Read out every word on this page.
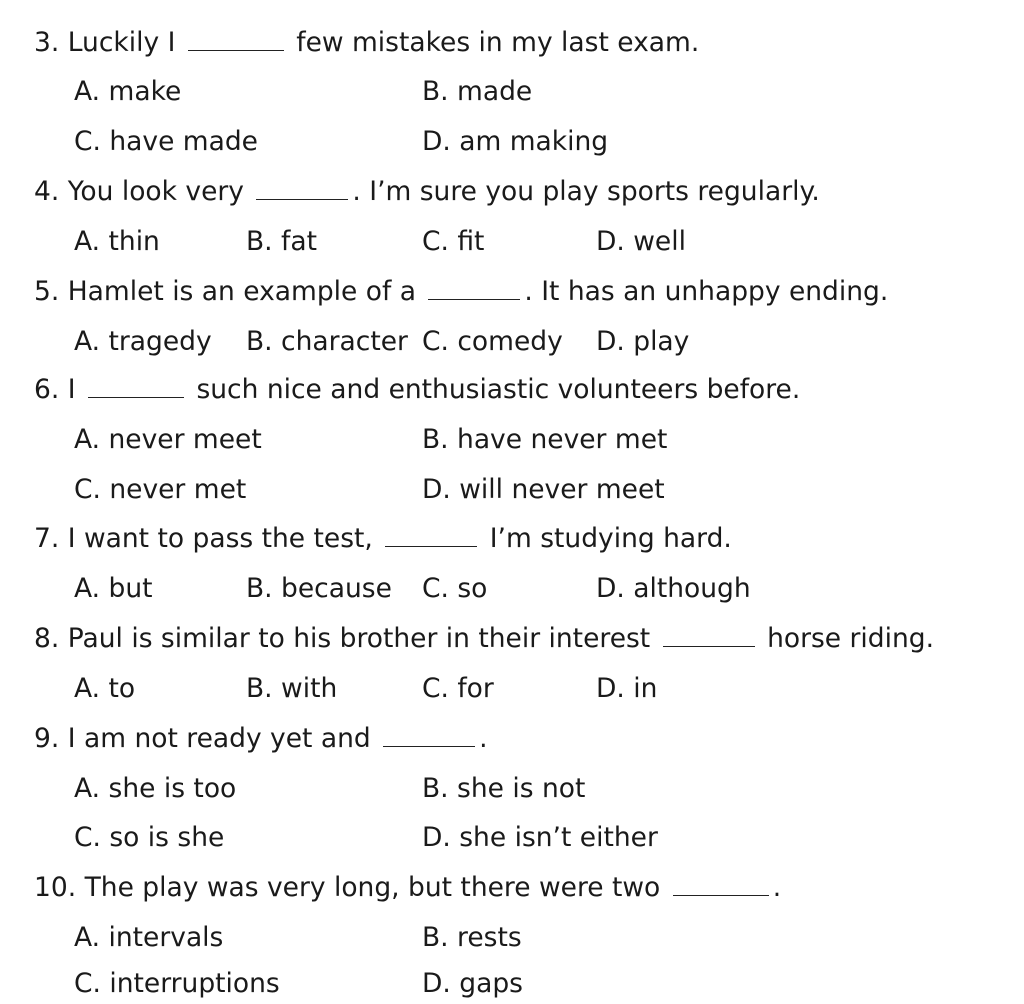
3. Luckily I	few mistakes in my last exam.
A. make	B. made
C. have made	D. am making
4. You look very	. I’m sure you play sports regularly.
A. thin	B. fat	C. fit	D. well
5. Hamlet is an example of a	. It has an unhappy ending.
A. tragedy B. character C. comedy D. play
6. I	such nice and enthusiastic volunteers before.
A. never meet	B. have never met
C. never met	D. will never meet
7. I want to pass the test,	I’m studying hard.
A. but	B. because C. so	D. although
8. Paul is similar to his brother in their interest	horse riding.
A. to	B. with	C. for	D. in
9. I am not ready yet and	.
A. she is too	B. she is not
C. so is she	D. she isn’t either
10. The play was very long, but there were two	.
A. intervals	B. rests
C. interruptions	D. gaps
